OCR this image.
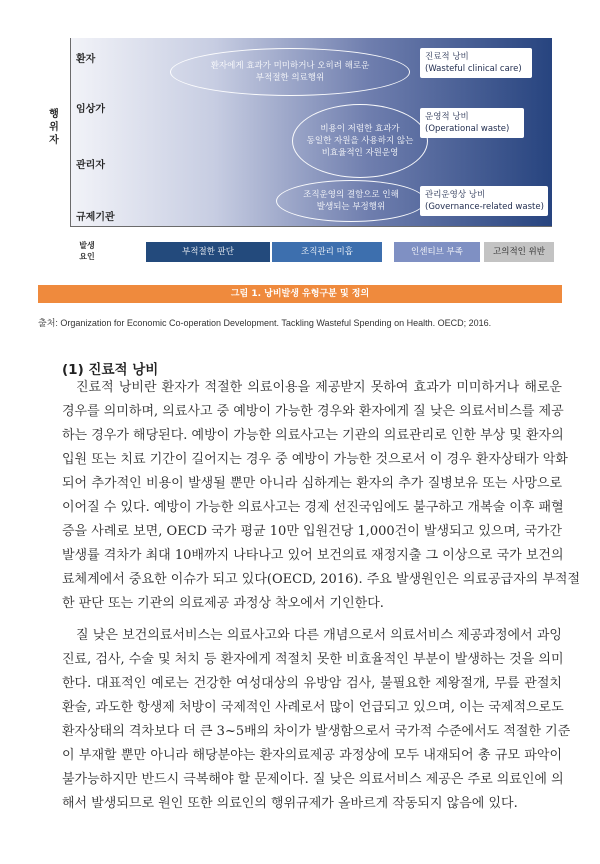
행
위
자
환자
임상가
관리자
규제기관
환자에게 효과가 미미하거나 오히려 해로운
부적절한 의료행위
비용이 저렴한 효과가
동일한 자원을 사용하지 않는
비효율적인 자원운영
조직운영의 결함으로 인해
발생되는 부정행위
진료적 낭비
(Wasteful clinical care)
운영적 낭비
(Operational waste)
관리운영상 낭비
(Governance-related waste)
발생
요인	부적절한 판단	조직관리 미흡	인센티브 부족	고의적인 위반
그림 1. 낭비발생 유형구분 및 정의
출처: Organization for Economic Co-operation Development. Tackling Wasteful Spending on Health. OECD; 2016.
(1) 진료적 낭비
진료적 낭비란 환자가 적절한 의료이용을 제공받지 못하여 효과가 미미하거나 해로운
경우를 의미하며, 의료사고 중 예방이 가능한 경우와 환자에게 질 낮은 의료서비스를 제공
하는 경우가 해당된다. 예방이 가능한 의료사고는 기관의 의료관리로 인한 부상 및 환자의
입원 또는 치료 기간이 길어지는 경우 중 예방이 가능한 것으로서 이 경우 환자상태가 악화
되어 추가적인 비용이 발생될 뿐만 아니라 심하게는 환자의 추가 질병보유 또는 사망으로
이어질 수 있다. 예방이 가능한 의료사고는 경제 선진국임에도 불구하고 개복술 이후 패혈
증을 사례로 보면, OECD 국가 평균 10만 입원건당 1,000건이 발생되고 있으며, 국가간
발생률 격차가 최대 10배까지 나타나고 있어 보건의료 재정지출 그 이상으로 국가 보건의
료체계에서 중요한 이슈가 되고 있다(OECD, 2016). 주요 발생원인은 의료공급자의 부적절
한 판단 또는 기관의 의료제공 과정상 착오에서 기인한다.
질 낮은 보건의료서비스는 의료사고와 다른 개념으로서 의료서비스 제공과정에서 과잉
진료, 검사, 수술 및 처치 등 환자에게 적절치 못한 비효율적인 부분이 발생하는 것을 의미
한다. 대표적인 예로는 건강한 여성대상의 유방암 검사, 불필요한 제왕절개, 무릎 관절치
환술, 과도한 항생제 처방이 국제적인 사례로서 많이 언급되고 있으며, 이는 국제적으로도
환자상태의 격차보다 더 큰 3~5배의 차이가 발생함으로서 국가적 수준에서도 적절한 기준
이 부재할 뿐만 아니라 해당분야는 환자의료제공 과정상에 모두 내재되어 총 규모 파악이
불가능하지만 반드시 극복해야 할 문제이다. 질 낮은 의료서비스 제공은 주로 의료인에 의
해서 발생되므로 원인 또한 의료인의 행위규제가 올바르게 작동되지 않음에 있다.
